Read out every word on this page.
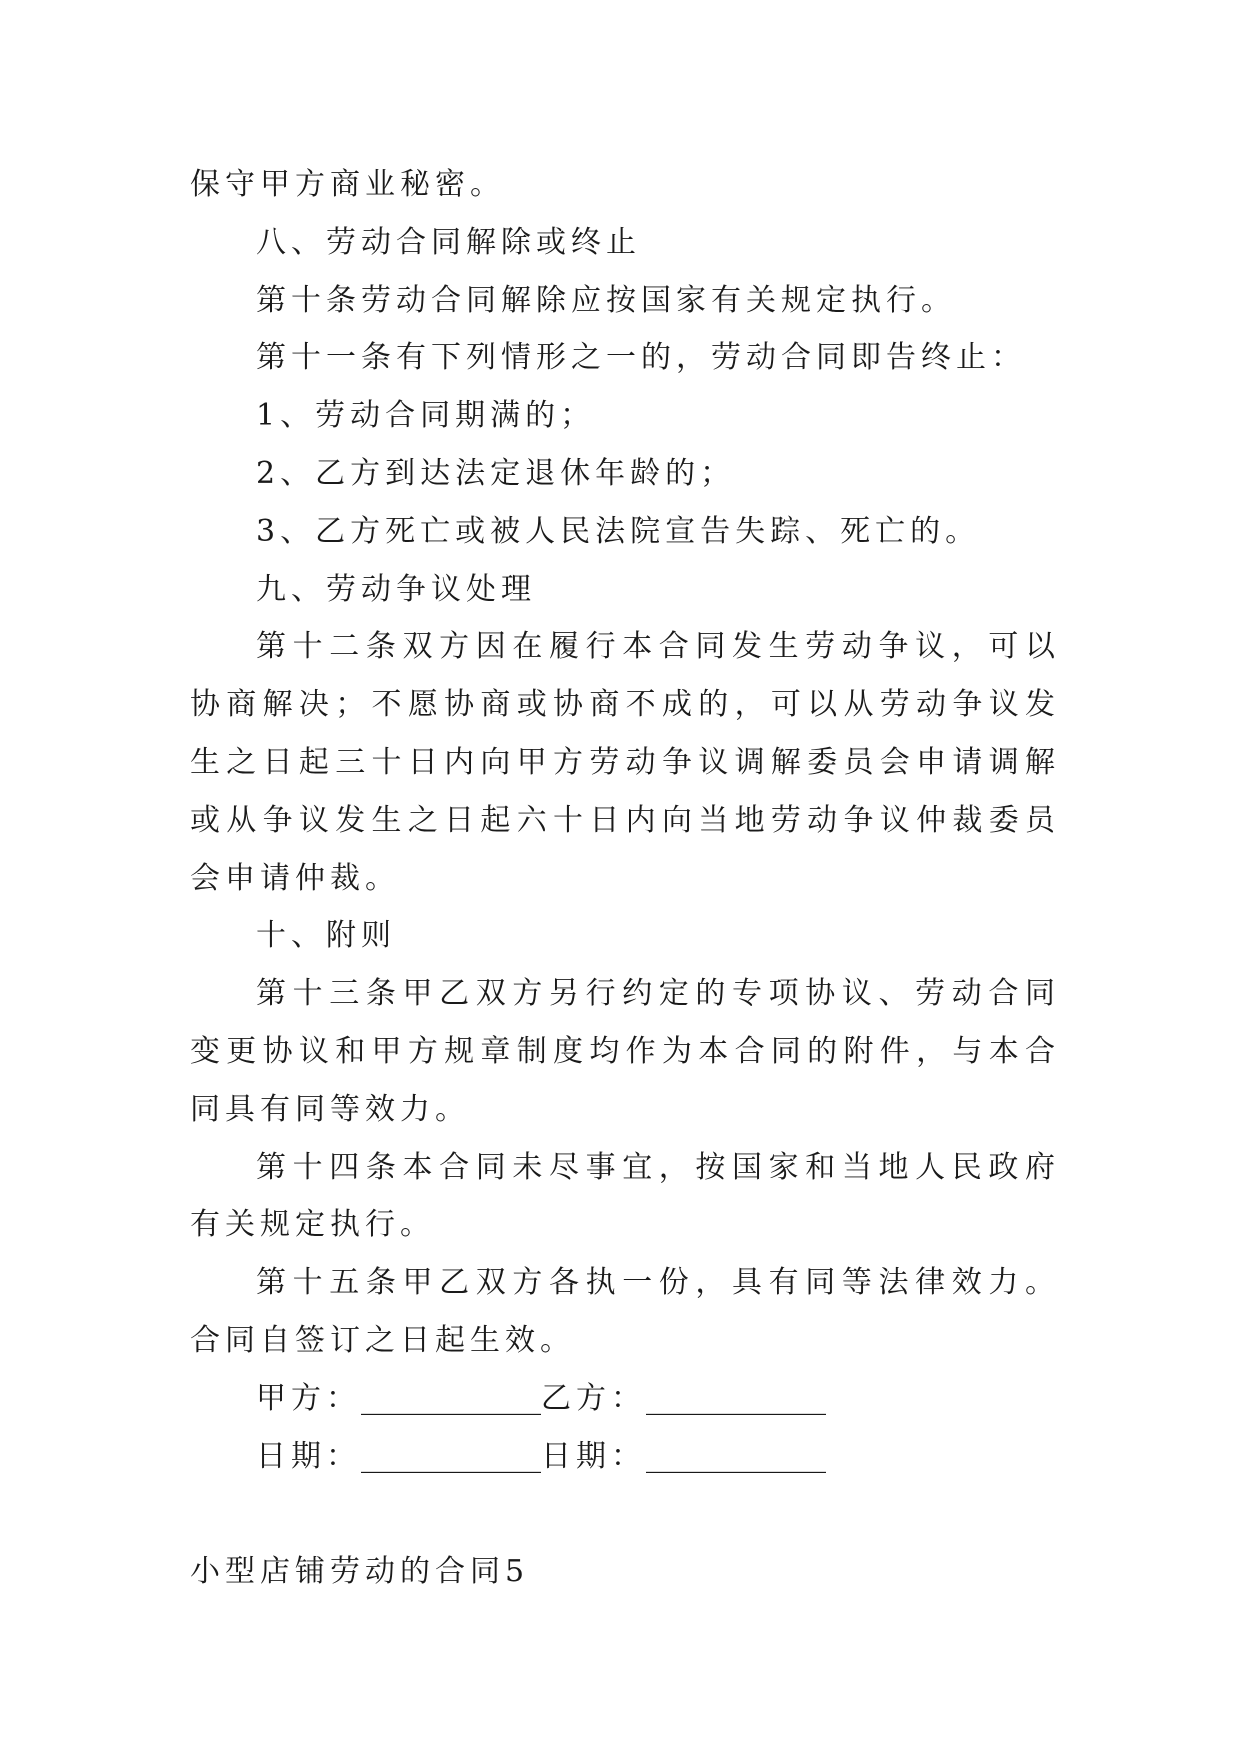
保守甲方商业秘密。

八、劳动合同解除或终止

第十条劳动合同解除应按国家有关规定执行。

第十一条有下列情形之一的，劳动合同即告终止：

1、劳动合同期满的；

2、乙方到达法定退休年龄的；

3、乙方死亡或被人民法院宣告失踪、死亡的。

九、劳动争议处理

第十二条双方因在履行本合同发生劳动争议，可以协商解决；不愿协商或协商不成的，可以从劳动争议发生之日起三十日内向甲方劳动争议调解委员会申请调解或从争议发生之日起六十日内向当地劳动争议仲裁委员会申请仲裁。

十、附则

第十三条甲乙双方另行约定的专项协议、劳动合同变更协议和甲方规章制度均作为本合同的附件，与本合同具有同等效力。

第十四条本合同未尽事宜，按国家和当地人民政府有关规定执行。

第十五条甲乙双方各执一份，具有同等法律效力。合同自签订之日起生效。

甲方：____________乙方：____________

日期：____________日期：____________

小型店铺劳动的合同5
